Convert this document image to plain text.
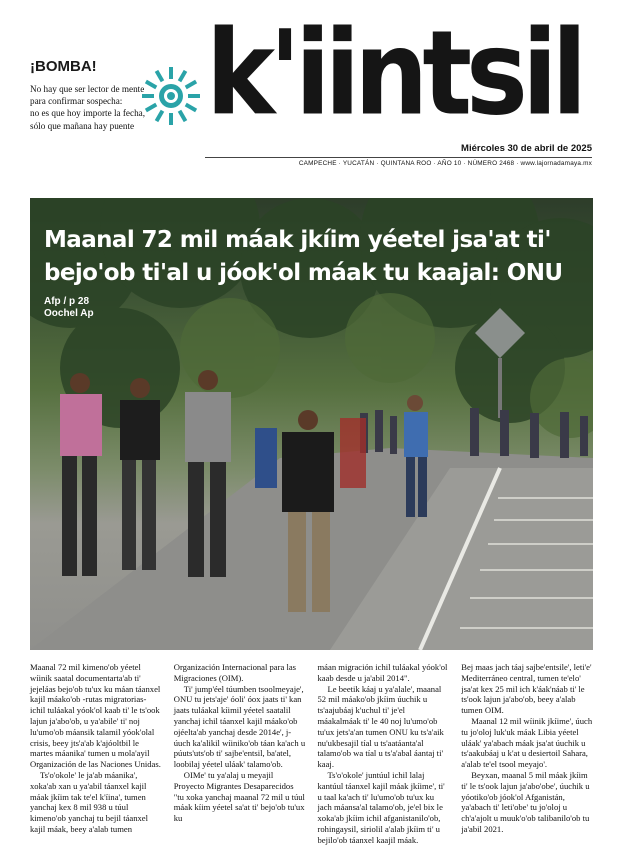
¡BOMBA!
No hay que ser lector de mente
para confirmar sospecha:
no es que hoy importe la fecha,
sólo que mañana hay puente k'iintsil
Miércoles 30 de abril de 2025
CAMPECHE · YUCATÁN · QUINTANA ROO · AÑO 10 · NÚMERO 2468 · www.lajornadamaya.mx
Maanal 72 mil máak jkíim yéetel jsa'at ti' bejo'ob ti'al u jóok'ol máak tu kaajal: ONU
Afp / p 28
Oochel Ap

Maanal 72 mil kimeno'ob yéetel wíinik saatal documentarta'ab ti' jejeláas bejo'ob tu'ux ku máan táanxel kajil máako'ob -rutas migratorias- ichil tuláakal yóok'ol kaab ti' le ts'ook lajun ja'abo'ob, u ya'abile' ti' noj lu'umo'ob máansik talamil yóok'olal crisis, beey jts'a'ab k'ajóoltbil le martes máanika' tumen u mola'ayil Organización de las Naciones Unidas.

Ts'o'okole' le ja'ab máanika', xoka'ab xan u ya'abil táanxel kajil máak jkíim tak te'el k'íina', tumen yanchaj kex 8 mil 938 u túul kimeno'ob yanchaj tu bejil táanxel kajil máak, beey a'alab tumen

Organización Internacional para las Migraciones (OIM).

Ti' jump'éel túumben tsoolmeyaje', ONU tu jets'aje' óoli' óox jaats ti' kan jaats tuláakal kíimil yéetel saatalil yanchaj ichil táanxel kajil máako'ob ojéelta'ab yanchaj desde 2014e', j-úuch ka'alikil wíiniko'ob táan ka'ach u púuts'uts'ob ti' sajbe'entsil, ba'atel, loobilaj yéetel uláak' talamo'ob.

OIMe' tu ya'alaj u meyajil Proyecto Migrantes Desaparecidos "tu xoka yanchaj maanal 72 mil u túul máak kíim yéetel sa'at ti' bejo'ob tu'ux ku

máan migración ichil tuláakal yóok'ol kaab desde u ja'abil 2014".

Le beetik káaj u ya'alale', maanal 52 mil máako'ob jkíim úuchik u ts'aajubáaj k'uchul ti' je'el máakalmáak ti' le 40 noj lu'umo'ob tu'ux jets'a'an tumen ONU ku ts'a'aik nu'ukbesajil tíal u ts'aatáanta'al talamo'ob wa tíal u ts'a'abal áantaj ti' kaaj.

Ts'o'okole' juntúul ichil lalaj kantúul táanxel kajil máak jkíime', ti' u taal ka'ach ti' lu'umo'ob tu'ux ku jach máansa'al talamo'ob, je'el bix le xoka'ab jkíim ichil afganistanilo'ob, rohingaysil, siriolil a'alab jkíim ti' u bejilo'ob táanxel kaajil máak.

Bej maas jach táaj sajbe'entsile', leti'e' Mediterráneo central, tumen te'elo' jsa'at kex 25 mil ich k'áak'náab ti' le ts'ook lajun ja'abo'ob, beey a'alab tumen OIM.

Maanal 12 mil wíinik jkíime', úuch tu jo'oloj luk'uk máak Libia yéetel uláak' ya'abach máak jsa'at úuchik u ts'aakubáaj u k'at u desiertoil Sahara, a'alab te'el tsool meyajo'.

Beyxan, maanal 5 mil máak jkíim ti' le ts'ook lajun ja'abo'obe', úuchik u yóotiko'ob jóok'ol Afganistán, ya'abach ti' leti'obe' tu jo'oloj u ch'a'ajolt u muuk'o'ob talibanilo'ob tu ja'abil 2021.
